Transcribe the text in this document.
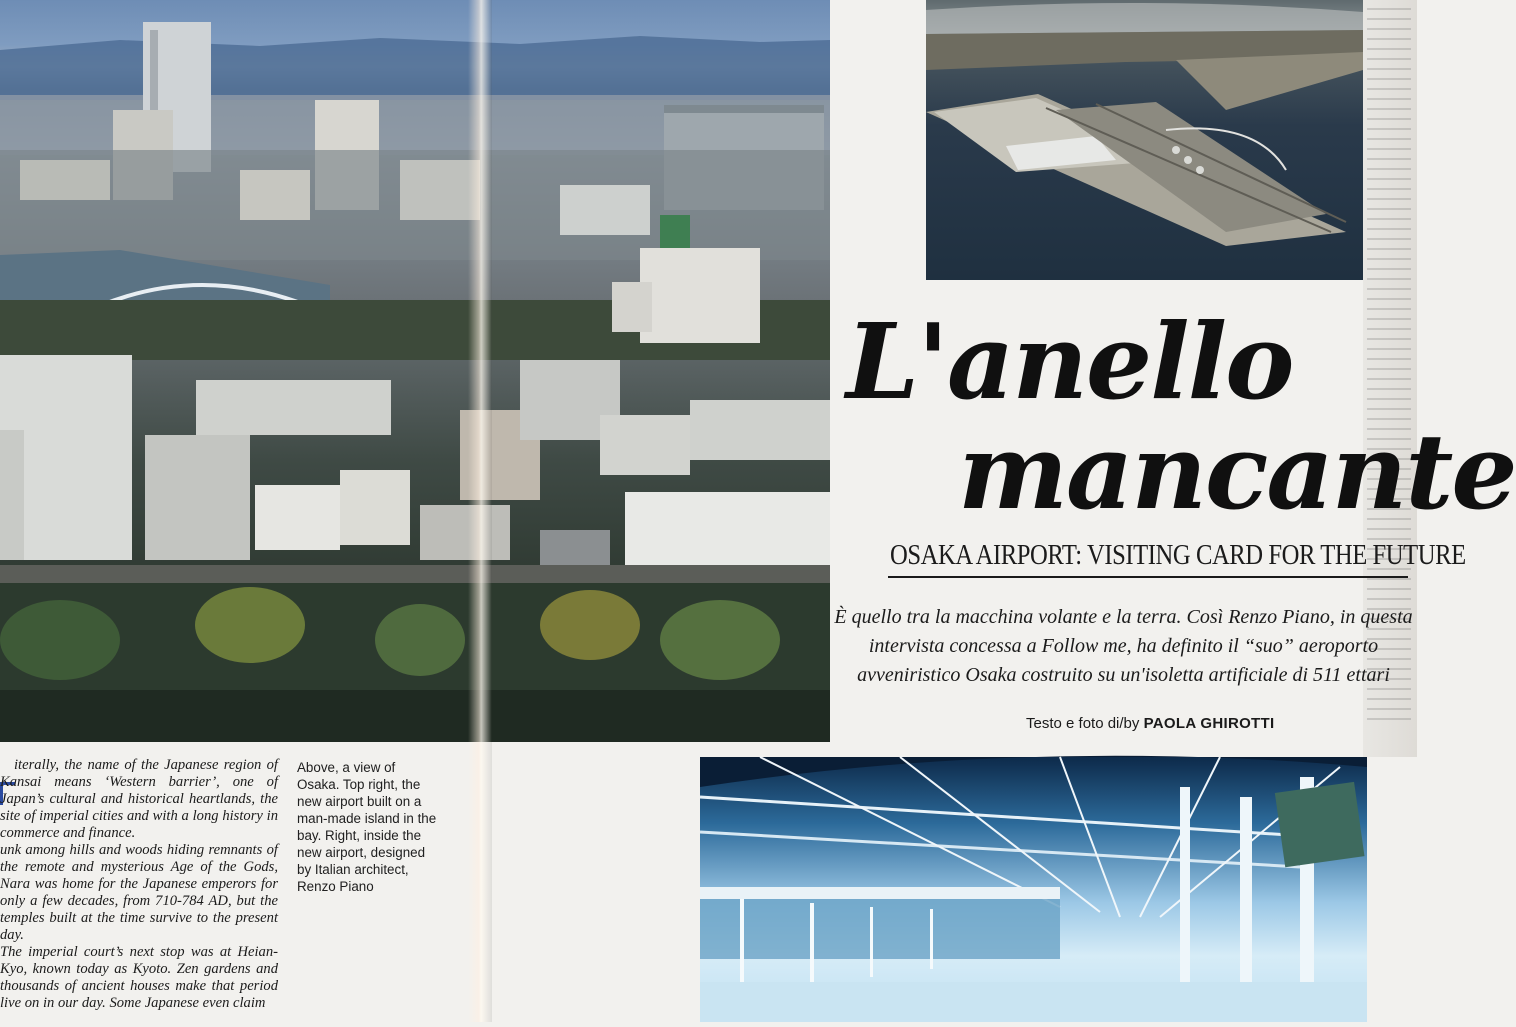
L'anello
mancante
OSAKA AIRPORT: VISITING CARD FOR THE FUTURE
È quello tra la macchina volante e la terra. Così Renzo Piano, in questa intervista concessa a Follow me, ha definito il “suo” aeroporto avveniristico Osaka costruito su un'isoletta artificiale di 511 ettari
Testo e foto di/by PAOLA GHIROTTI

iterally, the name of the Japanese region of Kansai means ‘Western barrier’, one of Japan’s cultural and historical heartlands, the site of imperial cities and with a long history in commerce and finance.

unk among hills and woods hiding remnants of the remote and mysterious Age of the Gods, Nara was home for the Japanese emperors for only a few decades, from 710-784 AD, but the temples built at the time survive to the present day.

The imperial court’s next stop was at Heian-Kyo, known today as Kyoto. Zen gardens and thousands of ancient houses make that period live on in our day. Some Japanese even claim

Above, a view of Osaka. Top right, the new airport built on a man-made island in the bay. Right, inside the new airport, designed by Italian architect, Renzo Piano
